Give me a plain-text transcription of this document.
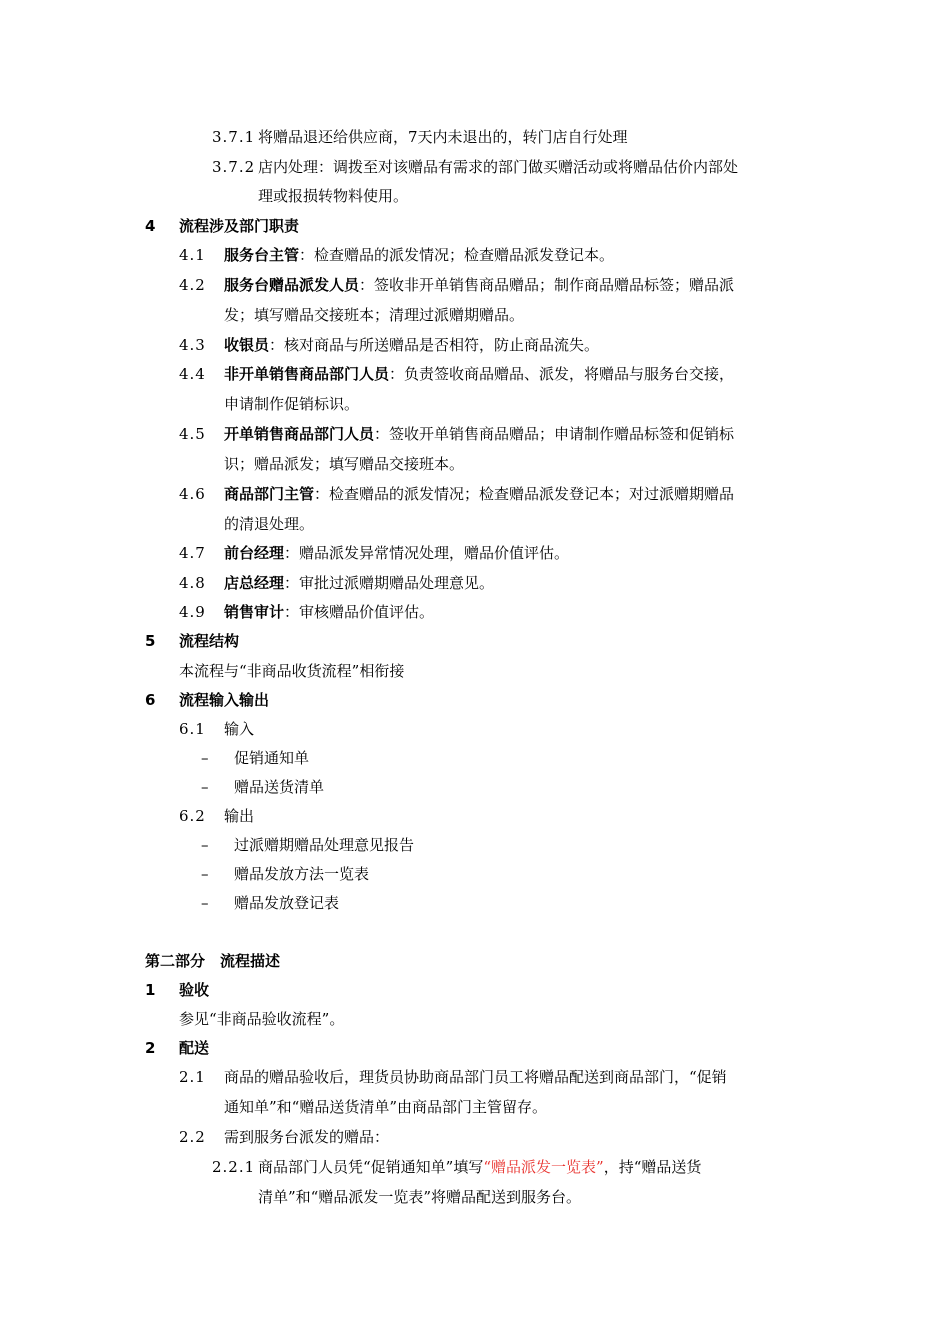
3.7.1 将赠品退还给供应商，7天内未退出的，转门店自行处理
3.7.2 店内处理：调拨至对该赠品有需求的部门做买赠活动或将赠品估价内部处
理或报损转物料使用。
4 流程涉及部门职责
4.1 服务台主管：检查赠品的派发情况；检查赠品派发登记本。
4.2 服务台赠品派发人员：签收非开单销售商品赠品；制作商品赠品标签；赠品派
发；填写赠品交接班本；清理过派赠期赠品。
4.3 收银员：核对商品与所送赠品是否相符，防止商品流失。
4.4 非开单销售商品部门人员：负责签收商品赠品、派发，将赠品与服务台交接，
申请制作促销标识。
4.5 开单销售商品部门人员：签收开单销售商品赠品；申请制作赠品标签和促销标
识；赠品派发；填写赠品交接班本。
4.6 商品部门主管：检查赠品的派发情况；检查赠品派发登记本；对过派赠期赠品
的清退处理。
4.7 前台经理：赠品派发异常情况处理，赠品价值评估。
4.8 店总经理：审批过派赠期赠品处理意见。
4.9 销售审计：审核赠品价值评估。
5 流程结构
本流程与“非商品收货流程”相衔接
6 流程输入输出
6.1 输入
– 促销通知单
– 赠品送货清单
6.2 输出
– 过派赠期赠品处理意见报告
– 赠品发放方法一览表
– 赠品发放登记表
第二部分　流程描述
1 验收
参见“非商品验收流程”。
2 配送
2.1 商品的赠品验收后，理货员协助商品部门员工将赠品配送到商品部门，“促销
通知单”和“赠品送货清单”由商品部门主管留存。
2.2 需到服务台派发的赠品：
2.2.1 商品部门人员凭“促销通知单”填写“赠品派发一览表”，持“赠品送货
清单”和“赠品派发一览表”将赠品配送到服务台。
